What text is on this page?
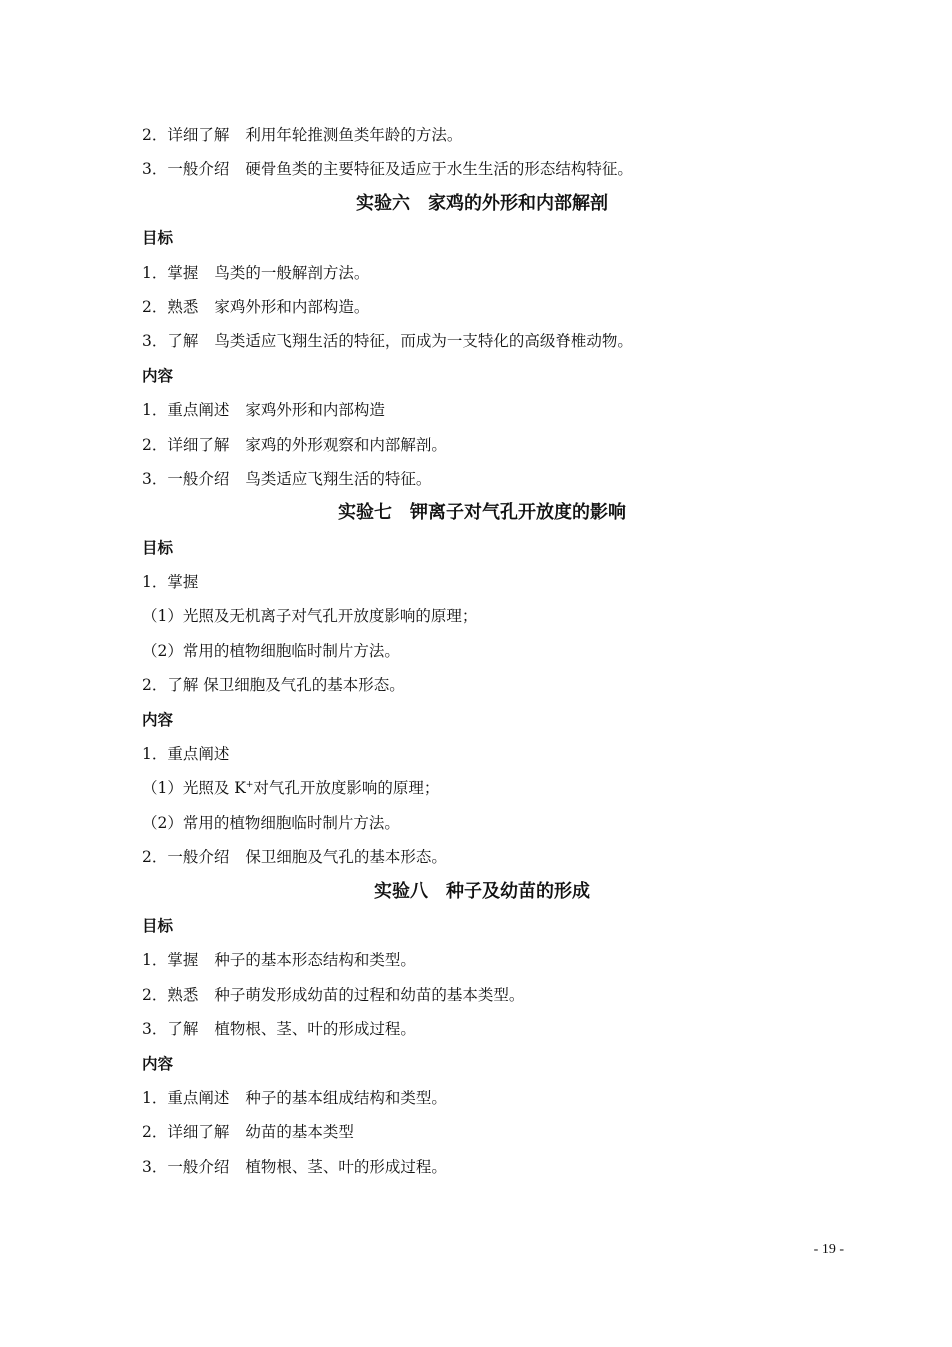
2．详细了解 利用年轮推测鱼类年龄的方法。
3．一般介绍 硬骨鱼类的主要特征及适应于水生生活的形态结构特征。
实验六　家鸡的外形和内部解剖
目标
1．掌握 鸟类的一般解剖方法。
2．熟悉 家鸡外形和内部构造。
3．了解 鸟类适应飞翔生活的特征，而成为一支特化的高级脊椎动物。
内容
1．重点阐述 家鸡外形和内部构造
2．详细了解 家鸡的外形观察和内部解剖。
3．一般介绍 鸟类适应飞翔生活的特征。
实验七　钾离子对气孔开放度的影响
目标
1．掌握
（1）光照及无机离子对气孔开放度影响的原理；
（2）常用的植物细胞临时制片方法。
2．了解 保卫细胞及气孔的基本形态。
内容
1．重点阐述
（1）光照及 K+对气孔开放度影响的原理；
（2）常用的植物细胞临时制片方法。
2．一般介绍 保卫细胞及气孔的基本形态。
实验八　种子及幼苗的形成
目标
1．掌握 种子的基本形态结构和类型。
2．熟悉 种子萌发形成幼苗的过程和幼苗的基本类型。
3．了解 植物根、茎、叶的形成过程。
内容
1．重点阐述 种子的基本组成结构和类型。
2．详细了解 幼苗的基本类型
3．一般介绍 植物根、茎、叶的形成过程。
- 19 -
